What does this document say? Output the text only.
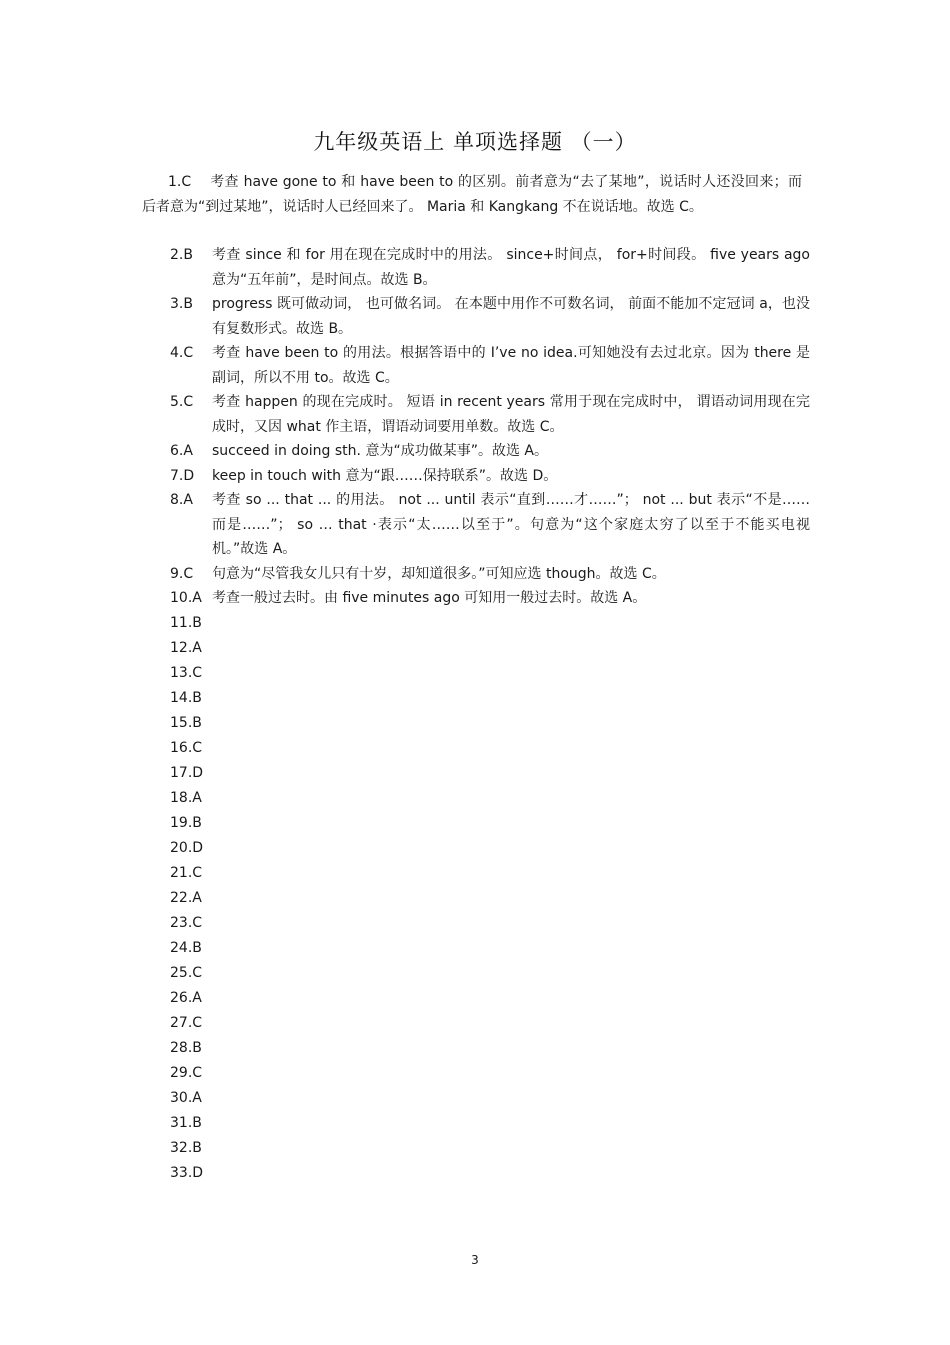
九年级英语上 单项选择题 （一）
1.C 考查 have gone to 和 have been to 的区别。前者意为“去了某地”，说话时人还没回来；而后者意为“到过某地”，说话时人已经回来了。 Maria 和 Kangkang 不在说话地。故选 C。
2.B	考查 since 和 for 用在现在完成时中的用法。 since+时间点， for+时间段。 five years ago 意为“五年前”，是时间点。故选 B。
3.B	progress 既可做动词， 也可做名词。 在本题中用作不可数名词， 前面不能加不定冠词 a，也没有复数形式。故选 B。
4.C	考查 have been to 的用法。根据答语中的 I’ve no idea.可知她没有去过北京。因为 there 是副词，所以不用 to。故选 C。
5.C	考查 happen 的现在完成时。 短语 in recent years 常用于现在完成时中， 谓语动词用现在完成时，又因 what 作主语，谓语动词要用单数。故选 C。
6.A	succeed in doing sth. 意为“成功做某事”。故选 A。
7.D	keep in touch with 意为“跟……保持联系”。故选 D。
8.A	考查 so ... that ... 的用法。 not ... until 表示“直到……才……”； not ... but 表示“不是……而是……”； so … that ·表示“太……以至于”。句意为“这个家庭太穷了以至于不能买电视机。”故选 A。
9.C	句意为“尽管我女儿只有十岁，却知道很多。”可知应选 though。故选 C。
10.A 考查一般过去时。由 five minutes ago 可知用一般过去时。故选 A。
11.B
12.A
13.C
14.B
15.B
16.C
17.D
18.A
19.B
20.D
21.C
22.A
23.C
24.B
25.C
26.A
27.C
28.B
29.C
30.A
31.B
32.B
33.D
3
